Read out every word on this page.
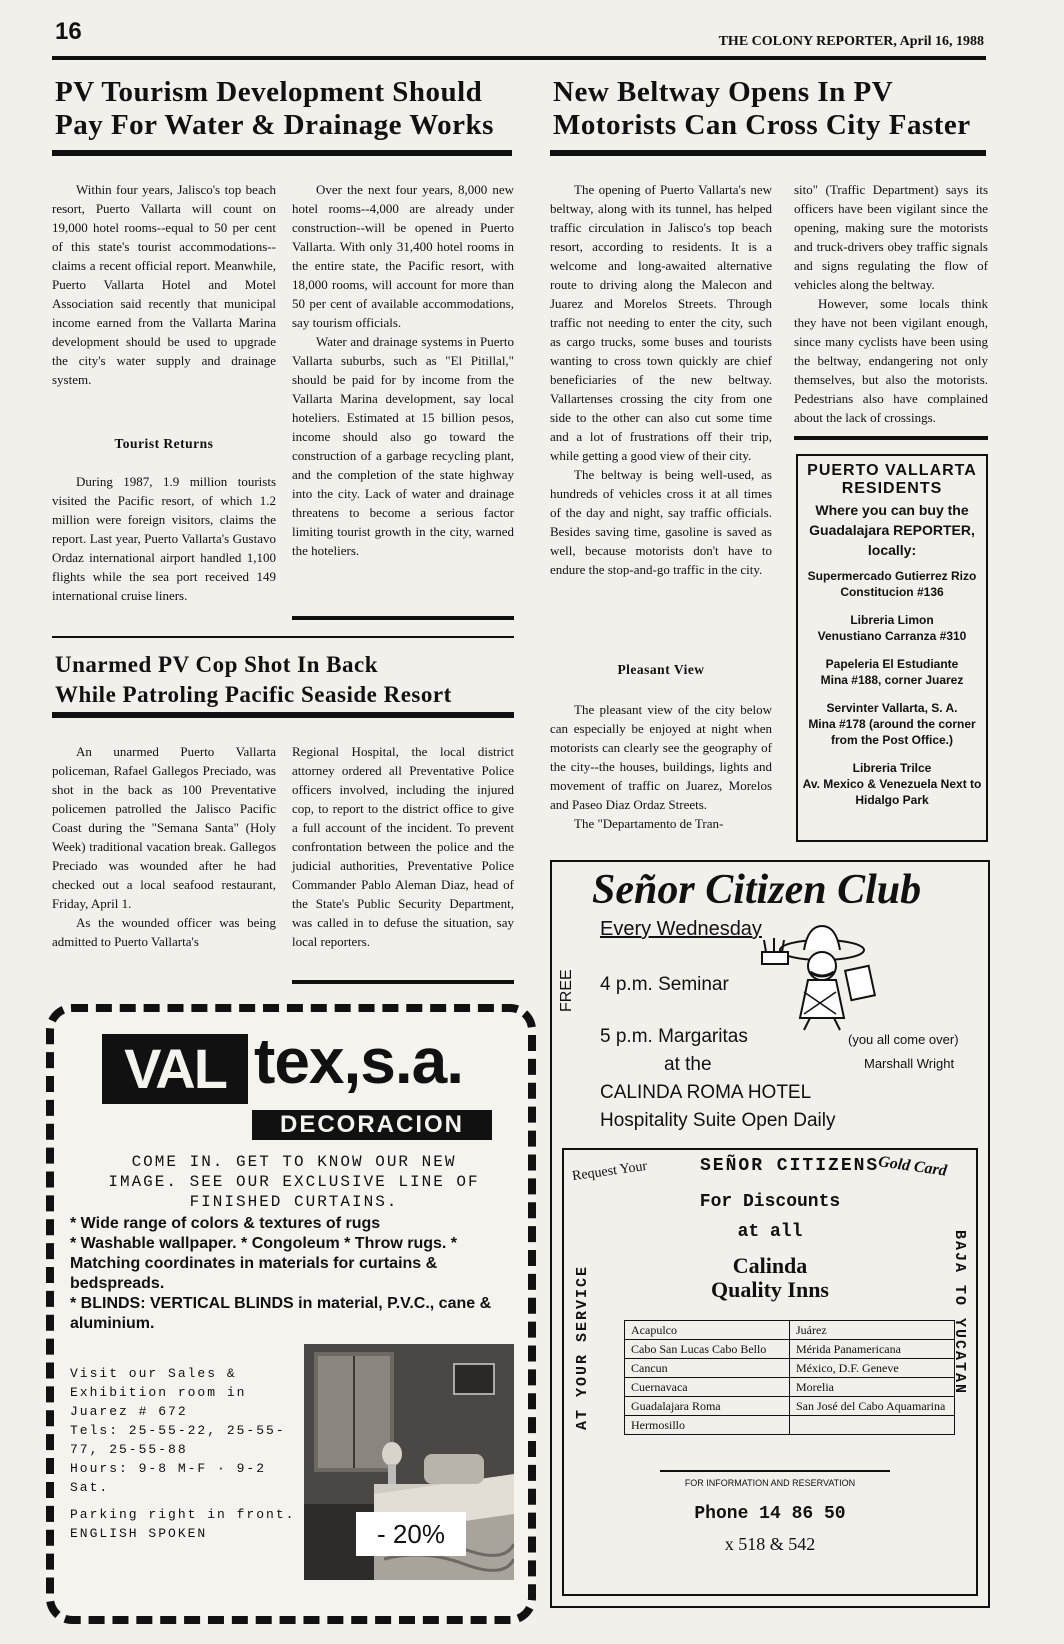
16	THE COLONY REPORTER, April 16, 1988
PV Tourism Development Should
Pay For Water & Drainage Works

Within four years, Jalisco's top beach resort, Puerto Vallarta will count on 19,000 hotel rooms--equal to 50 per cent of this state's tourist accommodations--claims a recent official report. Meanwhile, Puerto Vallarta Hotel and Motel Association said recently that municipal income earned from the Vallarta Marina development should be used to upgrade the city's water supply and drainage system.

Tourist Returns

During 1987, 1.9 million tourists visited the Pacific resort, of which 1.2 million were foreign visitors, claims the report. Last year, Puerto Vallarta's Gustavo Ordaz international airport handled 1,100 flights while the sea port received 149 international cruise liners.

Over the next four years, 8,000 new hotel rooms--4,000 are already under construction--will be opened in Puerto Vallarta. With only 31,400 hotel rooms in the entire state, the Pacific resort, with 18,000 rooms, will account for more than 50 per cent of available accommodations, say tourism officials.

Water and drainage systems in Puerto Vallarta suburbs, such as "El Pitillal," should be paid for by income from the Vallarta Marina development, say local hoteliers. Estimated at 15 billion pesos, income should also go toward the construction of a garbage recycling plant, and the completion of the state highway into the city. Lack of water and drainage threatens to become a serious factor limiting tourist growth in the city, warned the hoteliers.

Unarmed PV Cop Shot In Back
While Patroling Pacific Seaside Resort

An unarmed Puerto Vallarta policeman, Rafael Gallegos Preciado, was shot in the back as 100 Preventative policemen patrolled the Jalisco Pacific Coast during the "Semana Santa" (Holy Week) traditional vacation break. Gallegos Preciado was wounded after he had checked out a local seafood restaurant, Friday, April 1.

As the wounded officer was being admitted to Puerto Vallarta's

Regional Hospital, the local district attorney ordered all Preventative Police officers involved, including the injured cop, to report to the district office to give a full account of the incident. To prevent confrontation between the police and the judicial authorities, Preventative Police Commander Pablo Aleman Diaz, head of the State's Public Security Department, was called in to defuse the situation, say local reporters.

VAL tex,s.a.
DECORACION
COME IN. GET TO KNOW OUR NEW IMAGE. SEE OUR EXCLUSIVE LINE OF FINISHED CURTAINS.
* Wide range of colors & textures of rugs
* Washable wallpaper. * Congoleum * Throw rugs. * Matching coordinates in materials for curtains & bedspreads.
* BLINDS: VERTICAL BLINDS in material, P.V.C., cane & aluminium.
Visit our Sales & Exhibition room in Juarez # 672
Tels: 25-55-22, 25-55-77, 25-55-88
Hours: 9-8 M-F · 9-2 Sat.
Parking right in front.
ENGLISH SPOKEN	- 20%
New Beltway Opens In PV
Motorists Can Cross City Faster

The opening of Puerto Vallarta's new beltway, along with its tunnel, has helped traffic circulation in Jalisco's top beach resort, according to residents. It is a welcome and long-awaited alternative route to driving along the Malecon and Juarez and Morelos Streets. Through traffic not needing to enter the city, such as cargo trucks, some buses and tourists wanting to cross town quickly are chief beneficiaries of the new beltway. Vallartenses crossing the city from one side to the other can also cut some time and a lot of frustrations off their trip, while getting a good view of their city.

The beltway is being well-used, as hundreds of vehicles cross it at all times of the day and night, say traffic officials. Besides saving time, gasoline is saved as well, because motorists don't have to endure the stop-and-go traffic in the city.

Pleasant View

The pleasant view of the city below can especially be enjoyed at night when motorists can clearly see the geography of the city--the houses, buildings, lights and movement of traffic on Juarez, Morelos and Paseo Diaz Ordaz Streets.

The "Departamento de Tran-

sito" (Traffic Department) says its officers have been vigilant since the opening, making sure the motorists and truck-drivers obey traffic signals and signs regulating the flow of vehicles along the beltway.

However, some locals think they have not been vigilant enough, since many cyclists have been using the beltway, endangering not only themselves, but also the motorists. Pedestrians also have complained about the lack of crossings.

PUERTO VALLARTA
RESIDENTS
Where you can buy the Guadalajara REPORTER, locally:

Supermercado Gutierrez Rizo

Constitucion #136

Libreria Limon

Venustiano Carranza #310

Papeleria El Estudiante

Mina #188, corner Juarez

Servinter Vallarta, S. A.

Mina #178 (around the corner from the Post Office.)

Libreria Trilce

Av. Mexico & Venezuela Next to Hidalgo Park

Señor Citizen Club
Every Wednesday
FREE 4 p.m. Seminar
5 p.m. Margaritas
at the
CALINDA ROMA HOTEL
Hospitality Suite Open Daily
(you all come over)
Marshall Wright
Request Your	SEÑOR CITIZENS
Gold Card
For Discounts
at all
Calinda
Quality Inns
AT YOUR SERVICE	BAJA TO YUCATAN
Acapulco	Juárez
Cabo San Lucas Cabo Bello	Mérida Panamericana
Cancun	México, D.F. Geneve
Cuernavaca	Morelia
Guadalajara Roma	San José del Cabo Aquamarina
Hermosillo	
FOR INFORMATION AND RESERVATION
Phone 14 86 50
x 518 & 542
